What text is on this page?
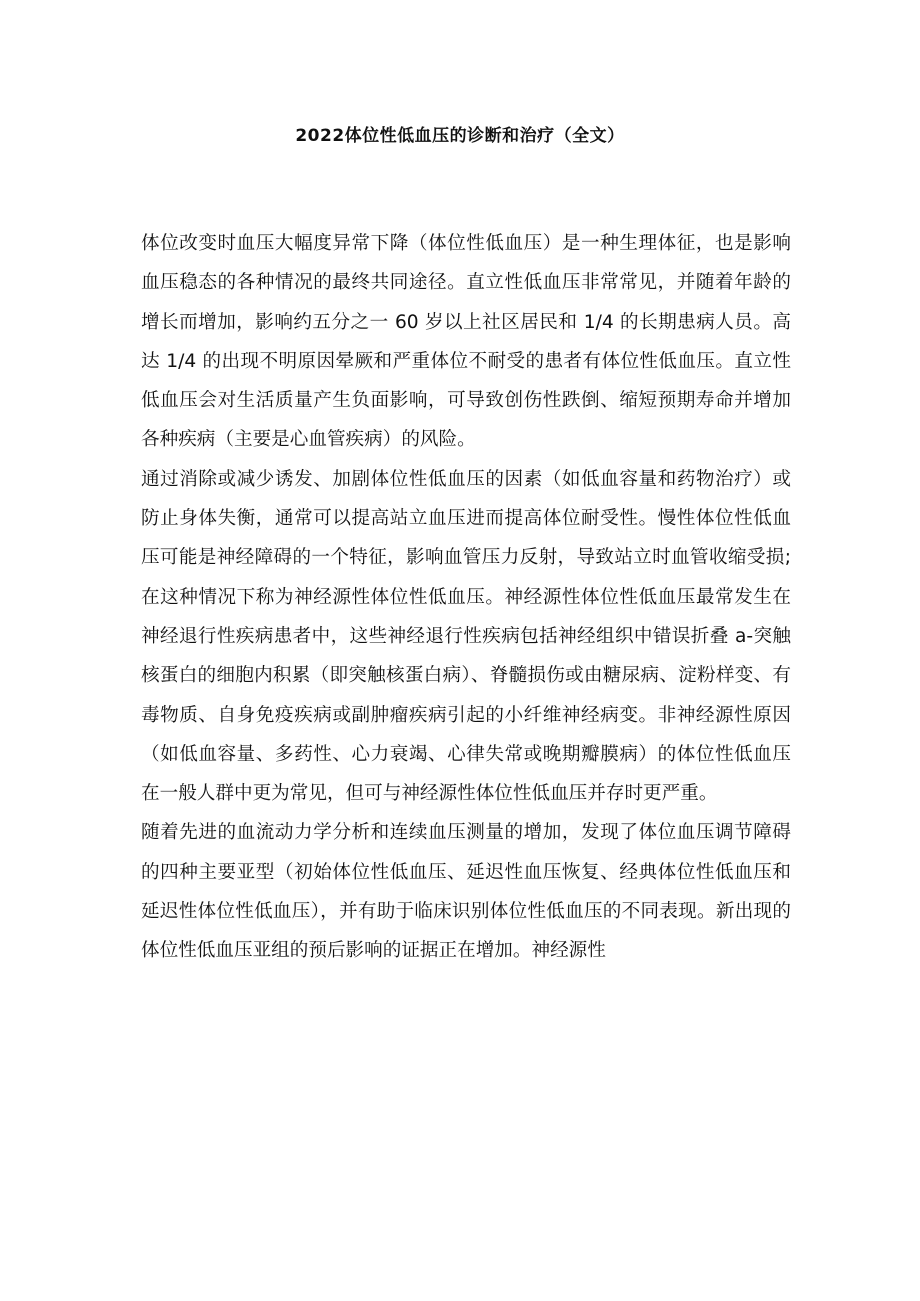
2022体位性低血压的诊断和治疗（全文）

体位改变时血压大幅度异常下降（体位性低血压）是一种生理体征，也是影响血压稳态的各种情况的最终共同途径。直立性低血压非常常见，并随着年龄的增长而增加，影响约五分之一 60 岁以上社区居民和 1/4 的长期患病人员。高达 1/4 的出现不明原因晕厥和严重体位不耐受的患者有体位性低血压。直立性低血压会对生活质量产生负面影响，可导致创伤性跌倒、缩短预期寿命并增加各种疾病（主要是心血管疾病）的风险。

通过消除或减少诱发、加剧体位性低血压的因素（如低血容量和药物治疗）或防止身体失衡，通常可以提高站立血压进而提高体位耐受性。慢性体位性低血压可能是神经障碍的一个特征，影响血管压力反射，导致站立时血管收缩受损;在这种情况下称为神经源性体位性低血压。神经源性体位性低血压最常发生在神经退行性疾病患者中，这些神经退行性疾病包括神经组织中错误折叠 a-突触核蛋白的细胞内积累（即突触核蛋白病）、脊髓损伤或由糖尿病、淀粉样变、有毒物质、自身免疫疾病或副肿瘤疾病引起的小纤维神经病变。非神经源性原因（如低血容量、多药性、心力衰竭、心律失常或晚期瓣膜病）的体位性低血压在一般人群中更为常见，但可与神经源性体位性低血压并存时更严重。

随着先进的血流动力学分析和连续血压测量的增加，发现了体位血压调节障碍的四种主要亚型（初始体位性低血压、延迟性血压恢复、经典体位性低血压和延迟性体位性低血压），并有助于临床识别体位性低血压的不同表现。新出现的体位性低血压亚组的预后影响的证据正在增加。神经源性
